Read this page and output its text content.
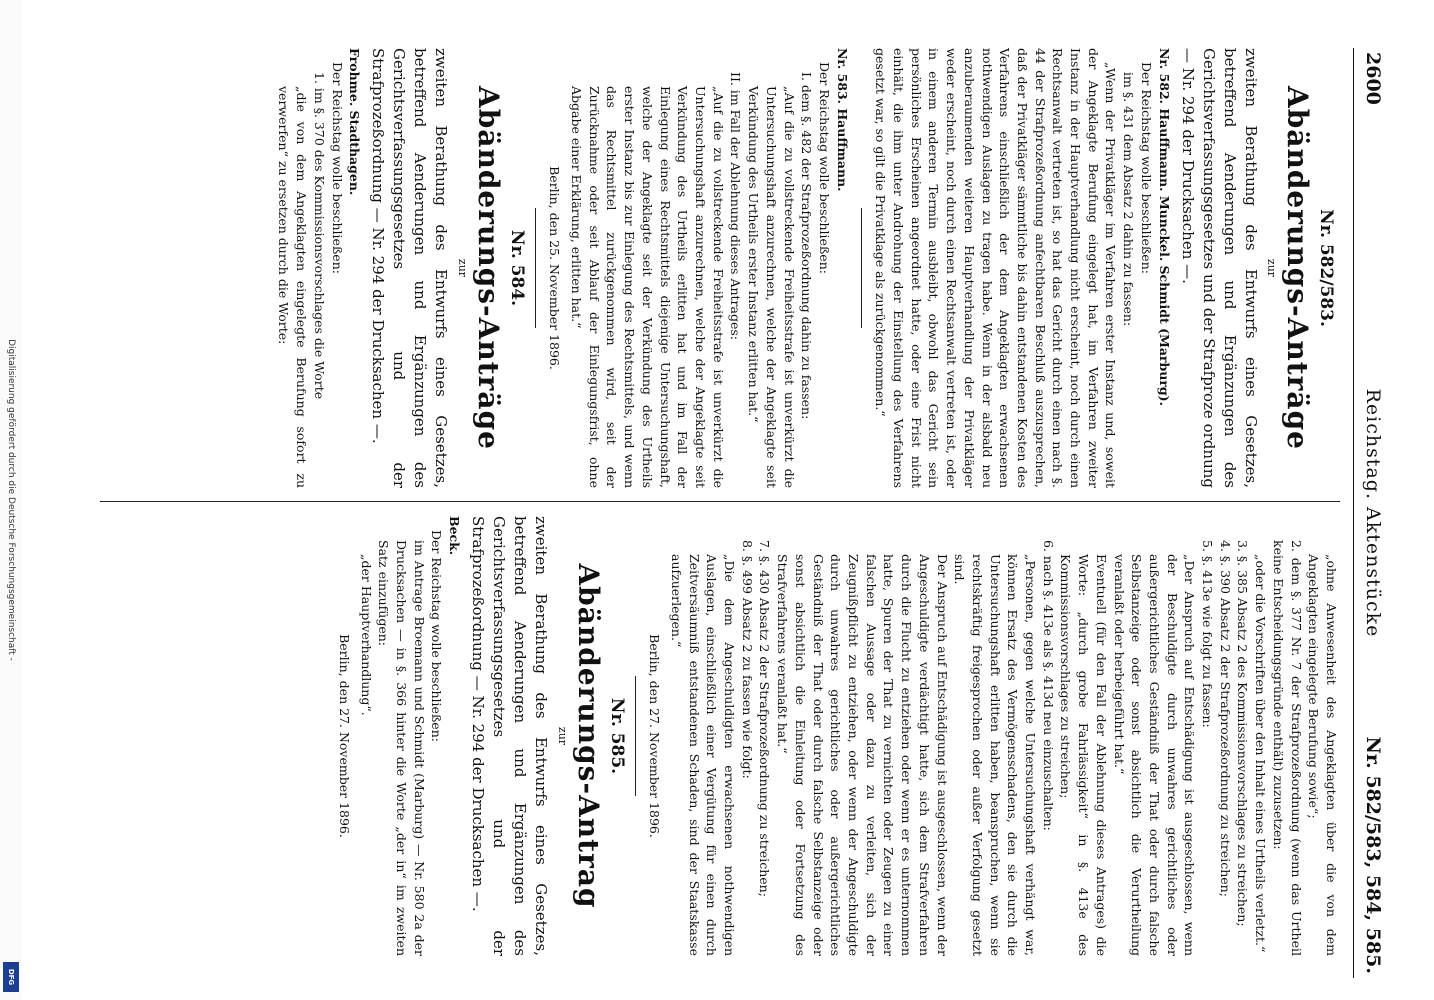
Digitalisierung gefördert durch die Deutsche Forschungsgemeinschaft -
DFG
2600
Reichstag. Aktenstücke
Nr. 582/583, 584, 585.
Nr. 582/583.
Abänderungs-Anträge
zur
zweiten Berathung des Entwurfs eines Gesetzes, betreffend Aenderungen und Ergänzungen des Gerichtsverfassungsgesetzes und der Strafproze ordnung — Nr. 294 der Drucksachen —.

Nr. 582. Hauffmann. Munckel. Schmidt (Marburg).

Der Reichstag wolle beschließen:

im §. 431 dem Absatz 2 dahin zu fassen:

„Wenn der Privatkläger im Verfahren erster Instanz und, soweit der Angeklagte Berufung eingelegt hat, im Verfahren zweiter Instanz in der Hauptverhandlung nicht erscheint, noch durch einen Rechtsanwalt vertreten ist, so hat das Gericht durch einen nach §. 44 der Strafprozeßordnung anfechtbaren Beschluß auszusprechen, daß der Privatkläger sämmtliche bis dahin entstandenen Kosten des Verfahrens einschließlich der dem Angeklagten erwachsenen nothwendigen Auslagen zu tragen habe. Wenn in der alsbald neu anzuberaumenden weiteren Hauptverhandlung der Privatkläger weder erscheint, noch durch einen Rechtsanwalt vertreten ist, oder in einem anderen Termin ausbleibt, obwohl das Gericht sein persönliches Erscheinen angeordnet hatte, oder eine Frist nicht einhält, die ihm unter Androhung der Einstellung des Verfahrens gesetzt war, so gilt die Privatklage als zurückgenommen.“

Nr. 583. Hauffmann.

Der Reichstag wolle beschließen:

I. dem §. 482 der Strafprozeßordnung dahin zu fassen:

„Auf die zu vollstreckende Freiheitsstrafe ist unverkürzt die Untersuchungshaft anzurechnen, welche der Angeklagte seit Verkündung des Urtheils erster Instanz erlitten hat.“

II. im Fall der Ablehnung dieses Antrages:

„Auf die zu vollstreckende Freiheitsstrafe ist unverkürzt die Untersuchungshaft anzurechnen, welche der Angeklagte seit Verkündung des Urtheils erlitten hat und im Fall der Einlegung eines Rechtsmittels diejenige Untersuchungshaft, welche der Angeklagte seit der Verkündung des Urtheils erster Instanz bis zur Einlegung des Rechtsmittels, und wenn das Rechtsmittel zurückgenommen wird, seit der Zurücknahme oder seit Ablauf der Einlegungsfrist, ohne Abgabe einer Erklärung, erlitten hat.“

Berlin, den 25. November 1896.
Nr. 584.
Abänderungs-Anträge
zur
zweiten Berathung des Entwurfs eines Gesetzes, betreffend Aenderungen und Ergänzungen des Gerichtsverfassungsgesetzes und der Strafprozeßordnung — Nr. 294 der Drucksachen —.

Frohme. Stadthagen.

Der Reichstag wolle beschließen:

1. im §. 370 des Kommissionsvorschlages die Worte

„die von dem Angeklagten eingelegte Berufung sofort zu verwerfen“ zu ersetzen durch die Worte:

„ohne Anwesenheit des Angeklagten über die von dem Angeklagten eingelegte Berufung sowie“;

2. dem §. 377 Nr. 7 der Strafprozeßordnung (wenn das Urtheil keine Entscheidungsgründe enthält) zuzusetzen:

„oder die Vorschriften über den Inhalt eines Urtheils verletzt.“

3. §. 385 Absatz 2 des Kommissionsvorschlages zu streichen;

4. §. 390 Absatz 2 der Strafprozeßordnung zu streichen;

5. §. 413e wie folgt zu fassen:

„Der Anspruch auf Entschädigung ist ausgeschlossen, wenn der Beschuldigte durch unwahres gerichtliches oder außergerichtliches Geständniß der That oder durch falsche Selbstanzeige oder sonst absichtlich die Verurtheilung veranlaßt oder herbeigeführt hat.“

Eventuell (für den Fall der Ablehnung dieses Antrages) die Worte: „durch grobe Fahrlässigkeit“ in §. 413e des Kommissionsvorschlages zu streichen;

6. nach §. 413e als §. 413d neu einzuschalten:

„Personen, gegen welche Untersuchungshaft verhängt war, können Ersatz des Vermögensschadens, den sie durch die Untersuchungshaft erlitten haben, beanspruchen, wenn sie rechtskräftig freigesprochen oder außer Verfolgung gesetzt sind.

Der Anspruch auf Entschädigung ist ausgeschlossen, wenn der Angeschuldigte verdächtigt hatte, sich dem Strafverfahren durch die Flucht zu entziehen oder wenn er es unternommen hatte, Spuren der That zu vernichten oder Zeugen zu einer falschen Aussage oder dazu zu verleiten, sich der Zeugnißpflicht zu entziehen, oder wenn der Angeschuldigte durch unwahres gerichtliches oder außergerichtliches Geständniß der That oder durch falsche Selbstanzeige oder sonst absichtlich die Einleitung oder Fortsetzung des Strafverfahrens veranlaßt hat.“

7. §. 430 Absatz 2 der Strafprozeßordnung zu streichen;

8. §. 499 Absatz 2 zu fassen wie folgt:

„Die dem Angeschuldigten erwachsenen nothwendigen Auslagen, einschließlich einer Vergütung für einen durch Zeitversäumniß entstandenen Schaden, sind der Staatskasse aufzuerlegen.“

Berlin, den 27. November 1896.
Nr. 585.
Abänderungs-Antrag
zur
zweiten Berathung des Entwurfs eines Gesetzes, betreffend Aenderungen und Ergänzungen des Gerichtsverfassungsgesetzes und der Strafprozeßordnung — Nr. 294 der Drucksachen —.

Beck.

Der Reichstag wolle beschließen:

im Antrage Broemann und Schmidt (Marburg) — Nr. 580 2a der Drucksachen — in §. 366 hinter die Worte „der in“ im zweiten Satz einzufügen:

„der Hauptverhandlung“.

Berlin, den 27. November 1896.
